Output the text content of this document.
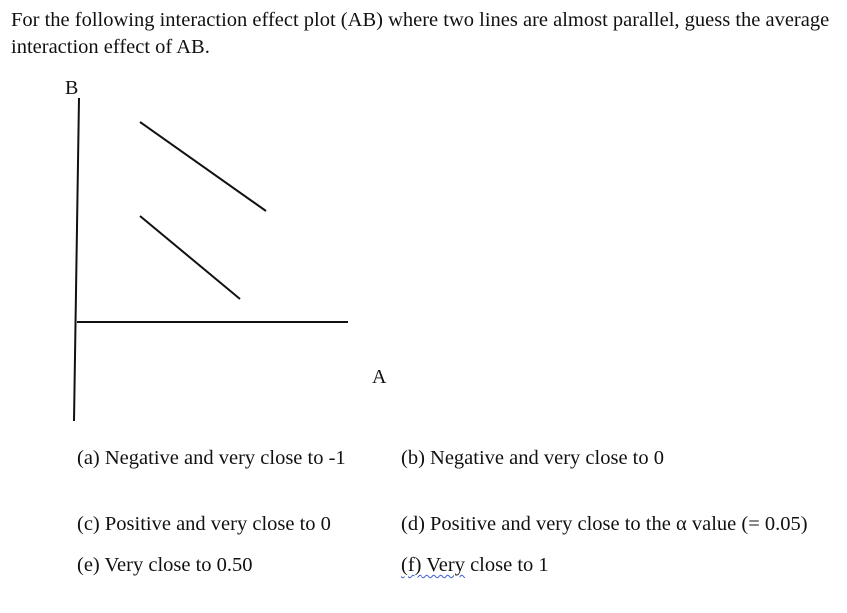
For the following interaction effect plot (AB) where two lines are almost parallel, guess the average interaction effect of AB.

B
A
(a) Negative and very close to -1	(b) Negative and very close to 0
(c) Positive and very close to 0	(d) Positive and very close to the α value (= 0.05)
(e) Very close to 0.50	(f) Very close to 1
